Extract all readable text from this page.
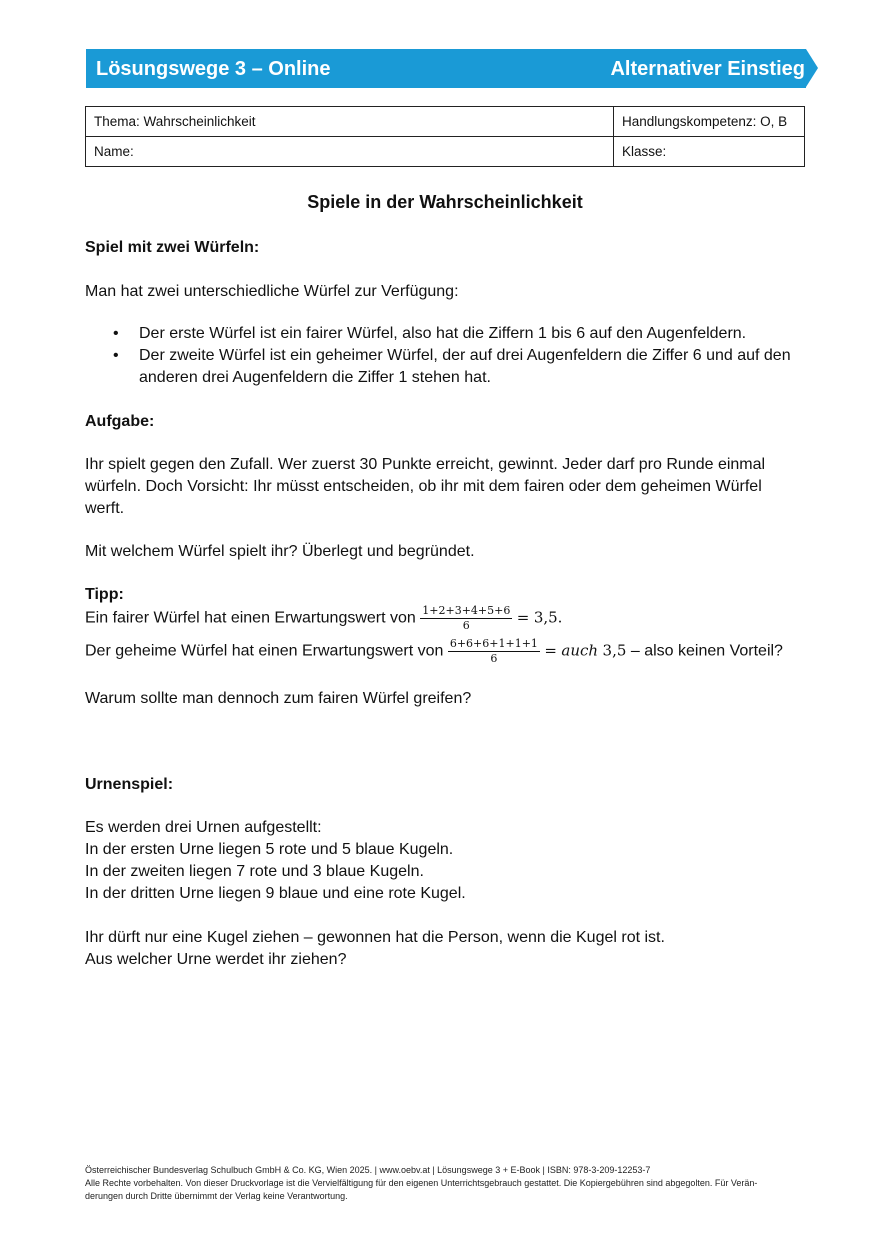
Lösungswege 3 – Online	Alternativer Einstieg
Thema: Wahrscheinlichkeit	Handlungskompetenz: O, B
Name:	Klasse:
Spiele in der Wahrscheinlichkeit
Spiel mit zwei Würfeln:
Man hat zwei unterschiedliche Würfel zur Verfügung:
• Der erste Würfel ist ein fairer Würfel, also hat die Ziffern 1 bis 6 auf den Augenfeldern.
• Der zweite Würfel ist ein geheimer Würfel, der auf drei Augenfeldern die Ziffer 6 und auf den anderen drei Augenfeldern die Ziffer 1 stehen hat.
Aufgabe:
Ihr spielt gegen den Zufall. Wer zuerst 30 Punkte erreicht, gewinnt. Jeder darf pro Runde einmal würfeln. Doch Vorsicht: Ihr müsst entscheiden, ob ihr mit dem fairen oder dem geheimen Würfel werft.
Mit welchem Würfel spielt ihr? Überlegt und begründet.
Tipp:
Ein fairer Würfel hat einen Erwartungswert von $\frac{1+2+3+4+5+6}{6} = 3,5$.
Der geheime Würfel hat einen Erwartungswert von $\frac{6+6+6+1+1+1}{6}$ = auch 3,5 – also keinen Vorteil?
Warum sollte man dennoch zum fairen Würfel greifen?
Urnenspiel:
Es werden drei Urnen aufgestellt:
In der ersten Urne liegen 5 rote und 5 blaue Kugeln.
In der zweiten liegen 7 rote und 3 blaue Kugeln.
In der dritten Urne liegen 9 blaue und eine rote Kugel.
Ihr dürft nur eine Kugel ziehen – gewonnen hat die Person, wenn die Kugel rot ist.
Aus welcher Urne werdet ihr ziehen?
Österreichischer Bundesverlag Schulbuch GmbH & Co. KG, Wien 2025. | www.oebv.at | Lösungswege 3 + E-Book | ISBN: 978-3-209-12253-7
Alle Rechte vorbehalten. Von dieser Druckvorlage ist die Vervielfältigung für den eigenen Unterrichtsgebrauch gestattet. Die Kopiergebühren sind abgegolten. Für Verän-
derungen durch Dritte übernimmt der Verlag keine Verantwortung.
